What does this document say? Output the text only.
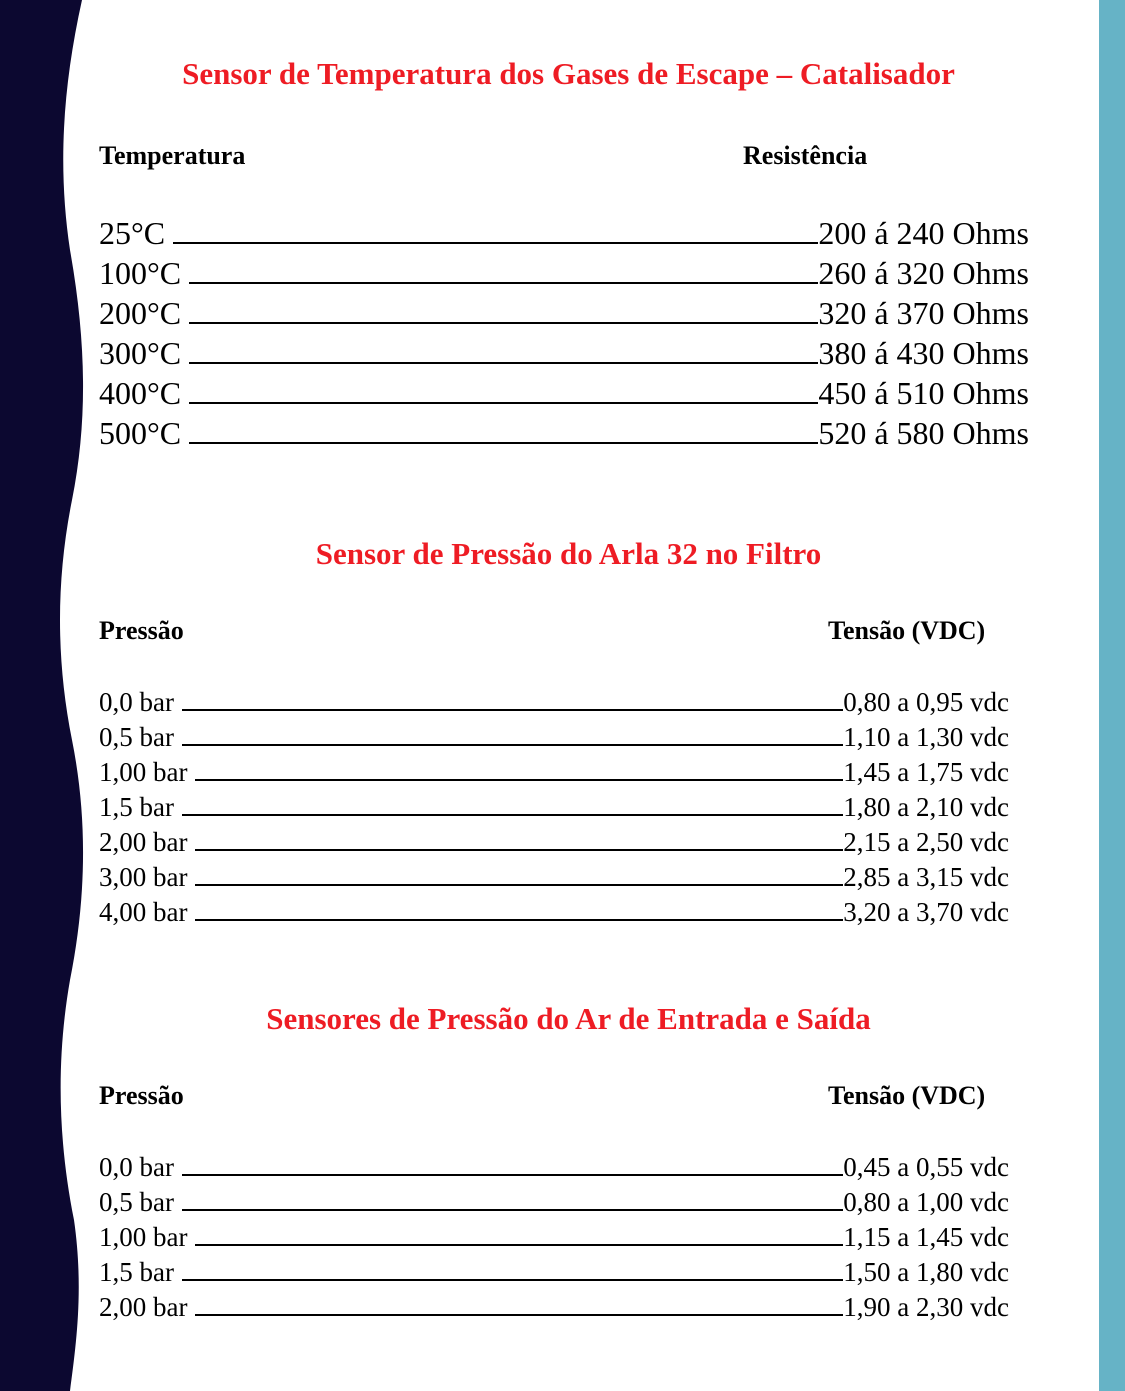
Sensor de Temperatura dos Gases de Escape – Catalisador
Temperatura	Resistência
25°C	200 á 240 Ohms
100°C	260 á 320 Ohms
200°C	320 á 370 Ohms
300°C	380 á 430 Ohms
400°C	450 á 510 Ohms
500°C	520 á 580 Ohms
Sensor de Pressão do Arla 32 no Filtro
Pressão	Tensão (VDC)
0,0 bar	0,80 a 0,95 vdc
0,5 bar	1,10 a 1,30 vdc
1,00 bar	1,45 a 1,75 vdc
1,5 bar	1,80 a 2,10 vdc
2,00 bar	2,15 a 2,50 vdc
3,00 bar	2,85 a 3,15 vdc
4,00 bar	3,20 a 3,70 vdc
Sensores de Pressão do Ar de Entrada e Saída
Pressão	Tensão (VDC)
0,0 bar	0,45 a 0,55 vdc
0,5 bar	0,80 a 1,00 vdc
1,00 bar	1,15 a 1,45 vdc
1,5 bar	1,50 a 1,80 vdc
2,00 bar	1,90 a 2,30 vdc
